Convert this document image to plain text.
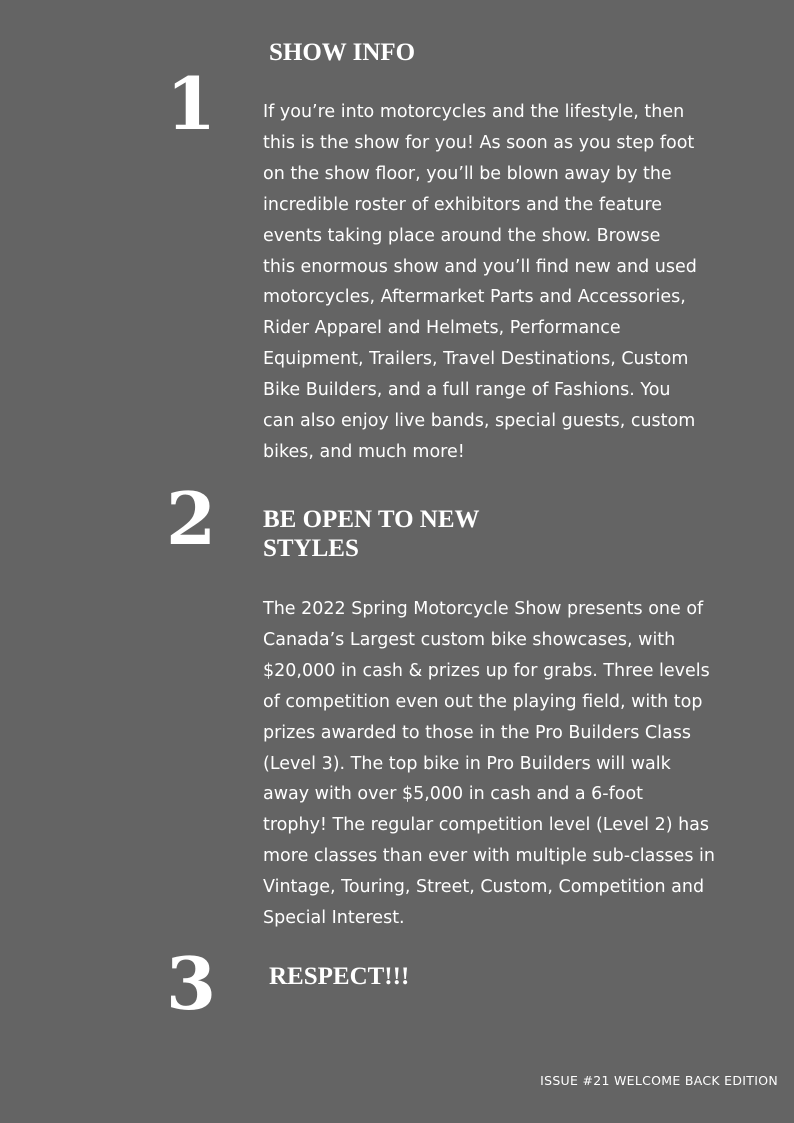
1
SHOW INFO

If you’re into motorcycles and the lifestyle, then
this is the show for you! As soon as you step foot
on the show floor, you’ll be blown away by the
incredible roster of exhibitors and the feature
events taking place around the show. Browse
this enormous show and you’ll find new and used
motorcycles, Aftermarket Parts and Accessories,
Rider Apparel and Helmets, Performance
Equipment, Trailers, Travel Destinations, Custom
Bike Builders, and a full range of Fashions. You
can also enjoy live bands, special guests, custom
bikes, and much more!

2 BE OPEN TO NEW
STYLES

The 2022 Spring Motorcycle Show presents one of
Canada’s Largest custom bike showcases, with
$20,000 in cash & prizes up for grabs. Three levels
of competition even out the playing field, with top
prizes awarded to those in the Pro Builders Class
(Level 3). The top bike in Pro Builders will walk
away with over $5,000 in cash and a 6-foot
trophy! The regular competition level (Level 2) has
more classes than ever with multiple sub-classes in
Vintage, Touring, Street, Custom, Competition and
Special Interest.

3 RESPECT!!!
ISSUE #21 WELCOME BACK EDITION
